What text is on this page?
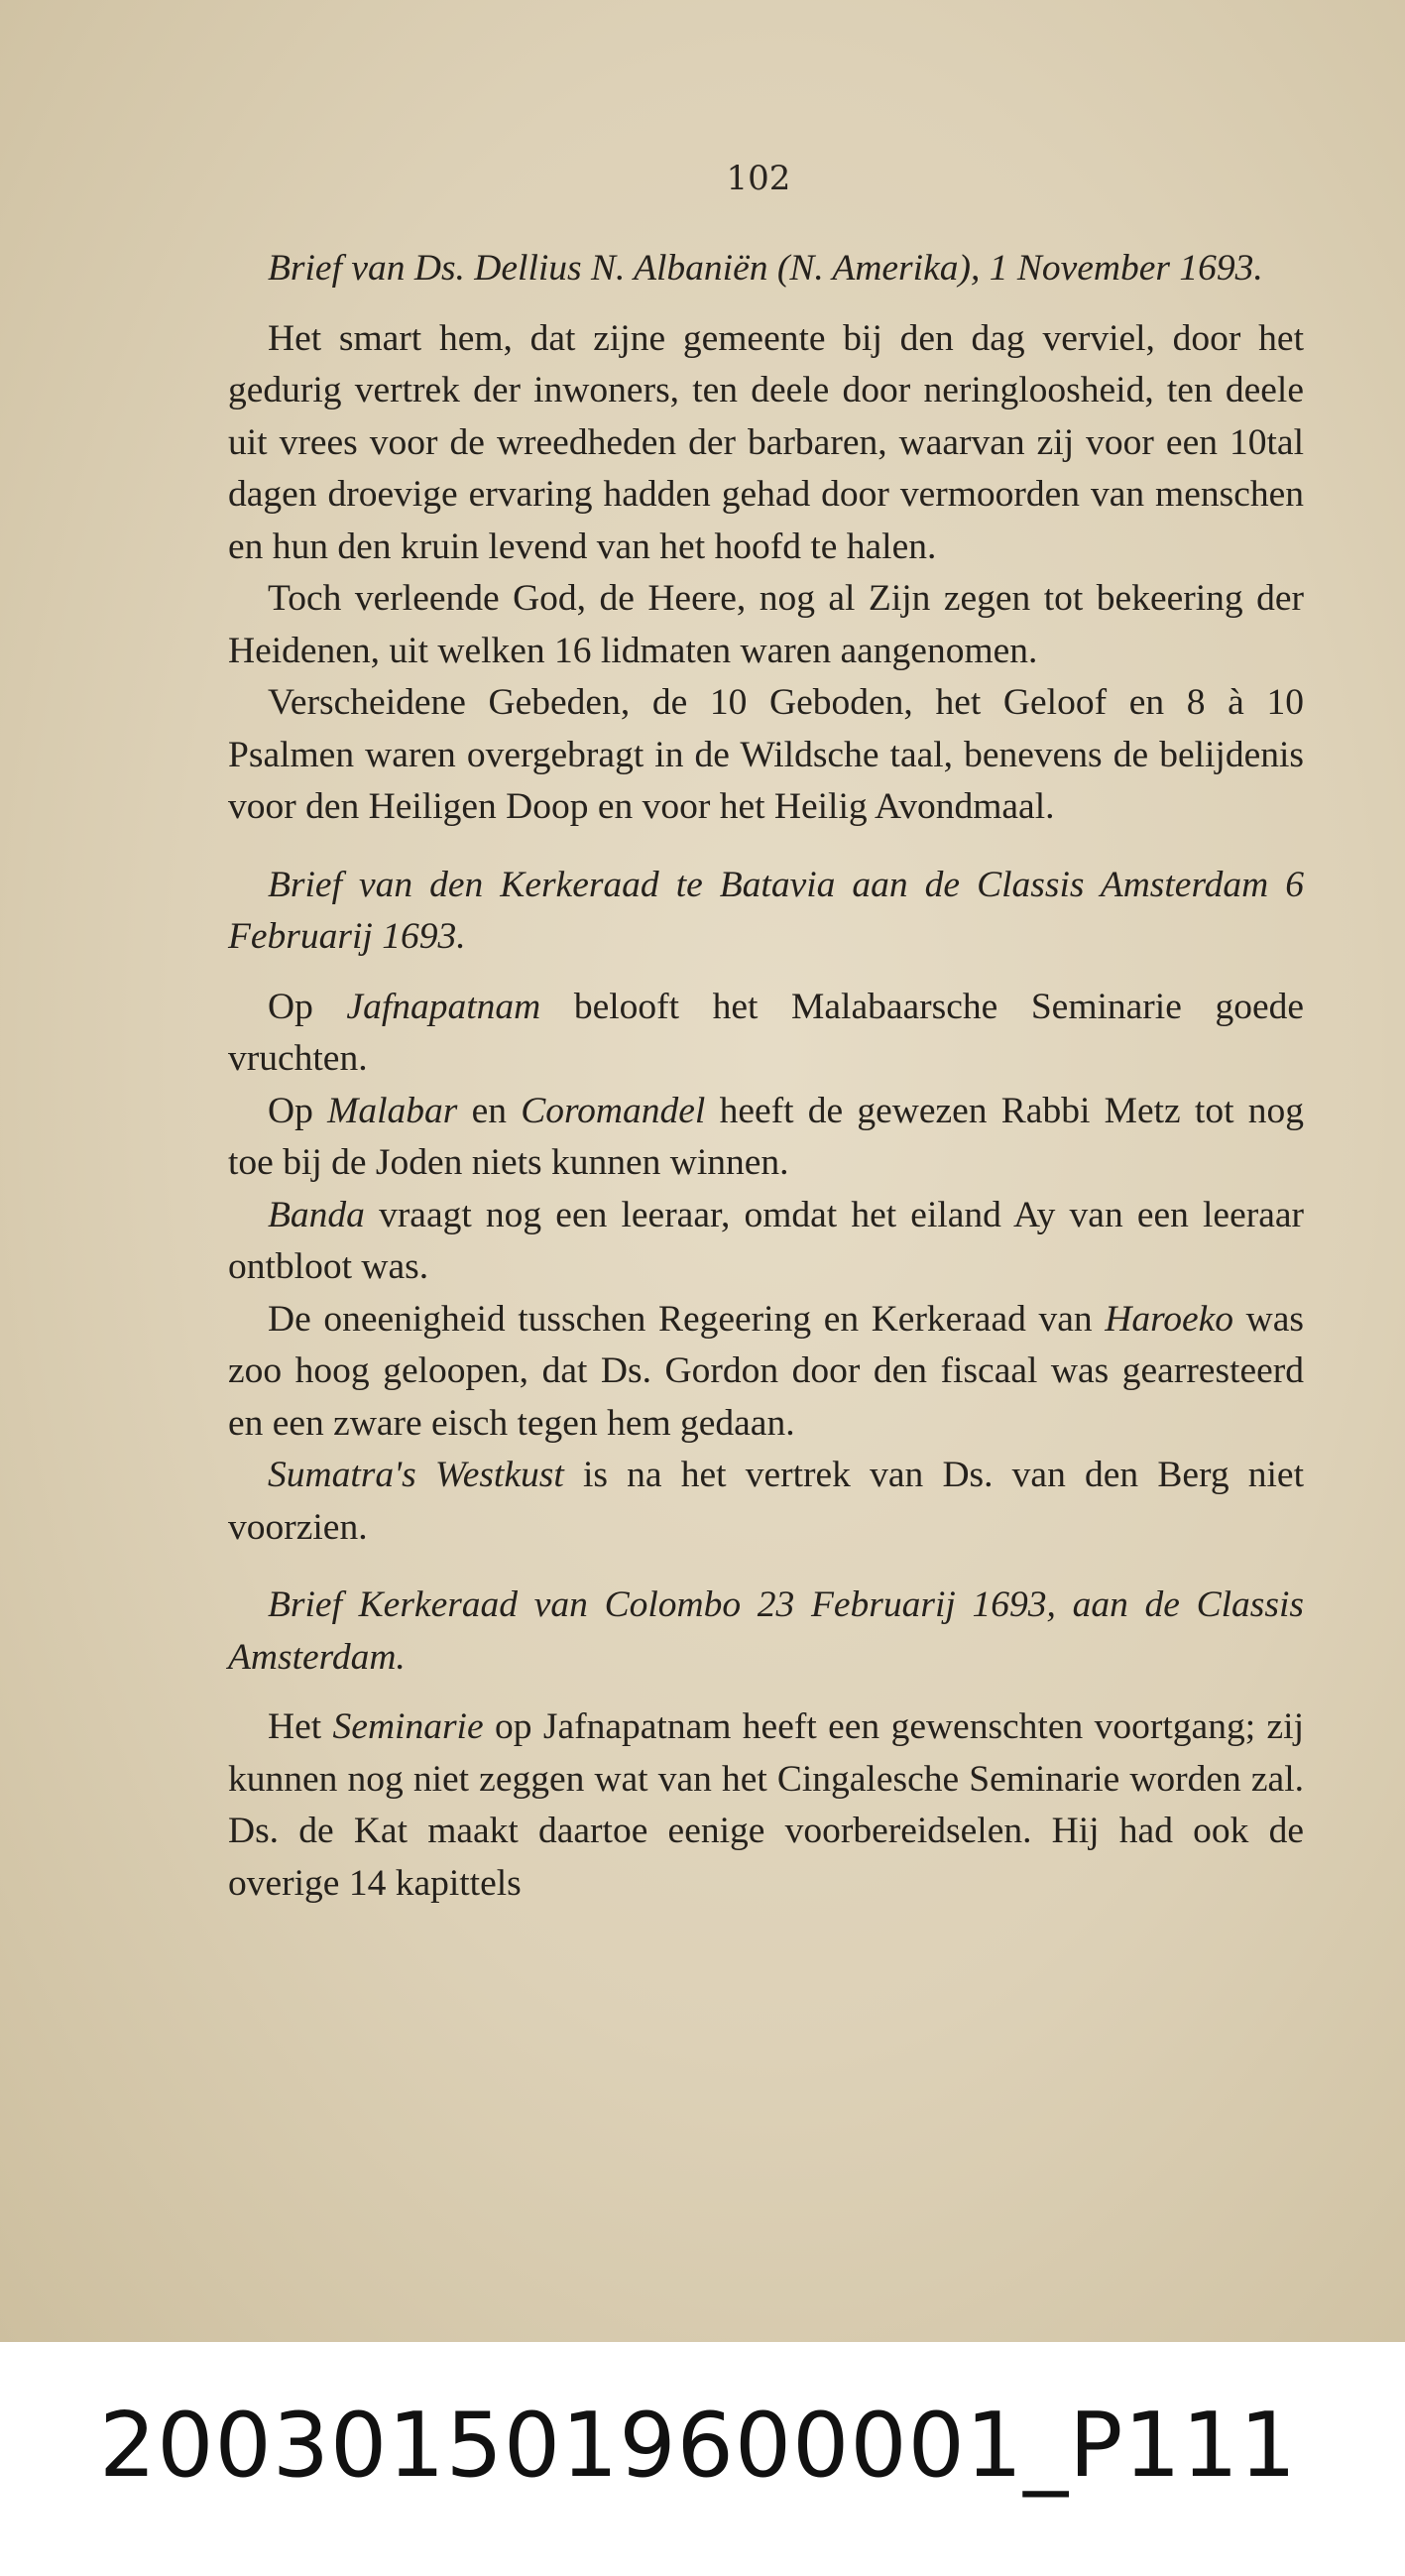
102

Brief van Ds. Dellius N. Albaniën (N. Amerika), 1 November 1693.

Het smart hem, dat zijne gemeente bij den dag verviel, door het gedurig vertrek der inwoners, ten deele door neringloosheid, ten deele uit vrees voor de wreedheden der barbaren, waarvan zij voor een 10tal dagen droevige ervaring hadden gehad door vermoorden van menschen en hun den kruin levend van het hoofd te halen.

Toch verleende God, de Heere, nog al Zijn zegen tot bekeering der Heidenen, uit welken 16 lidmaten waren aangenomen.

Verscheidene Gebeden, de 10 Geboden, het Geloof en 8 à 10 Psalmen waren overgebragt in de Wildsche taal, benevens de belijdenis voor den Heiligen Doop en voor het Heilig Avondmaal.

Brief van den Kerkeraad te Batavia aan de Classis Amsterdam 6 Februarij 1693.

Op Jafnapatnam belooft het Malabaarsche Seminarie goede vruchten.

Op Malabar en Coromandel heeft de gewezen Rabbi Metz tot nog toe bij de Joden niets kunnen winnen.

Banda vraagt nog een leeraar, omdat het eiland Ay van een leeraar ontbloot was.

De oneenigheid tusschen Regeering en Kerkeraad van Haroeko was zoo hoog geloopen, dat Ds. Gordon door den fiscaal was gearresteerd en een zware eisch tegen hem gedaan.

Sumatra's Westkust is na het vertrek van Ds. van den Berg niet voorzien.

Brief Kerkeraad van Colombo 23 Februarij 1693, aan de Classis Amsterdam.

Het Seminarie op Jafnapatnam heeft een gewenschten voortgang; zij kunnen nog niet zeggen wat van het Cingalesche Seminarie worden zal. Ds. de Kat maakt daartoe eenige voorbereidselen. Hij had ook de overige 14 kapittels

2003015019600001_P111
